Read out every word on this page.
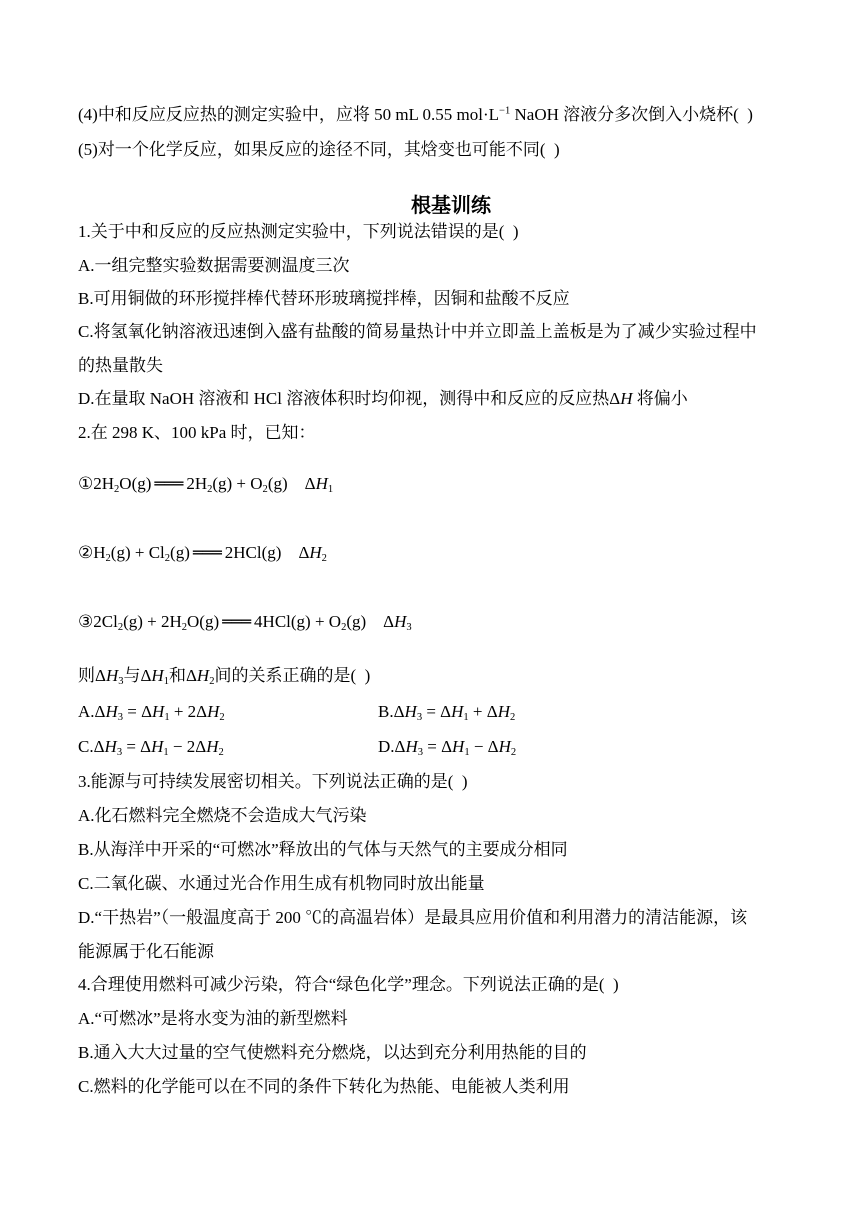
(4)中和反应反应热的测定实验中，应将 50 mL 0.55 $mol\cdot L^{-1}$ NaOH 溶液分多次倒入小烧杯(  )
(5)对一个化学反应，如果反应的途径不同，其焓变也可能不同(  )
根基训练
1.关于中和反应的反应热测定实验中，下列说法错误的是(  )
A.一组完整实验数据需要测温度三次
B.可用铜做的环形搅拌棒代替环形玻璃搅拌棒，因铜和盐酸不反应
C.将氢氧化钠溶液迅速倒入盛有盐酸的简易量热计中并立即盖上盖板是为了减少实验过程中
的热量散失
D.在量取 NaOH 溶液和 HCl 溶液体积时均仰视，测得中和反应的反应热ΔH 将偏小
2.在 298 K、100 kPa 时，已知：
$①2H_2O(g)$ ═══ $2H_2(g) + O_2(g)$    $\Delta H_1$
$②H_2(g) + Cl_2(g)$ ═══ 2HCl(g)    $\Delta H_2$
$③2Cl_2(g) + 2H_2O(g)$ ═══ $4HCl(g) + O_2(g)$    $\Delta H_3$
则$\Delta H_3$与$\Delta H_1$和$\Delta H_2$间的关系正确的是(  )
$A.\Delta H_3 = \Delta H_1 + 2\Delta H_2$	$B.\Delta H_3 = \Delta H_1 + \Delta H_2$
$C.\Delta H_3 = \Delta H_1 - 2\Delta H_2$	$D.\Delta H_3 = \Delta H_1 - \Delta H_2$
3.能源与可持续发展密切相关。下列说法正确的是(  )
A.化石燃料完全燃烧不会造成大气污染
B.从海洋中开采的“可燃冰”释放出的气体与天然气的主要成分相同
C.二氧化碳、水通过光合作用生成有机物同时放出能量
D.“干热岩”（一般温度高于 200 ℃的高温岩体）是最具应用价值和利用潜力的清洁能源，该
能源属于化石能源
4.合理使用燃料可减少污染，符合“绿色化学”理念。下列说法正确的是(  )
A.“可燃冰”是将水变为油的新型燃料
B.通入大大过量的空气使燃料充分燃烧，以达到充分利用热能的目的
C.燃料的化学能可以在不同的条件下转化为热能、电能被人类利用
